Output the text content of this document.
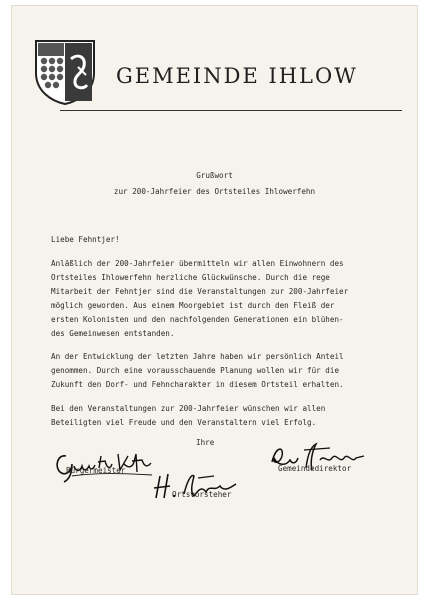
GEMEINDE IHLOW
Grußwort
zur 200-Jahrfeier des Ortsteiles Ihlowerfehn
Liebe Fehntjer!
Anläßlich der 200-Jahrfeier übermitteln wir allen Einwohnern des
Ortsteiles Ihlowerfehn herzliche Glückwünsche. Durch die rege
Mitarbeit der Fehntjer sind die Veranstaltungen zur 200-Jahrfeier
möglich geworden. Aus einem Moorgebiet ist durch den Fleiß der
ersten Kolonisten und den nachfolgenden Generationen ein blühen-
des Gemeinwesen entstanden.
An der Entwicklung der letzten Jahre haben wir persönlich Anteil
genommen. Durch eine vorausschauende Planung wollen wir für die
Zukunft den Dorf- und Fehncharakter in diesem Ortsteil erhalten.
Bei den Veranstaltungen zur 200-Jahrfeier wünschen wir allen
Beteiligten viel Freude und den Veranstaltern viel Erfolg.
Ihre
Bürgermeister	Gemeindedirektor
Ortsvorsteher
